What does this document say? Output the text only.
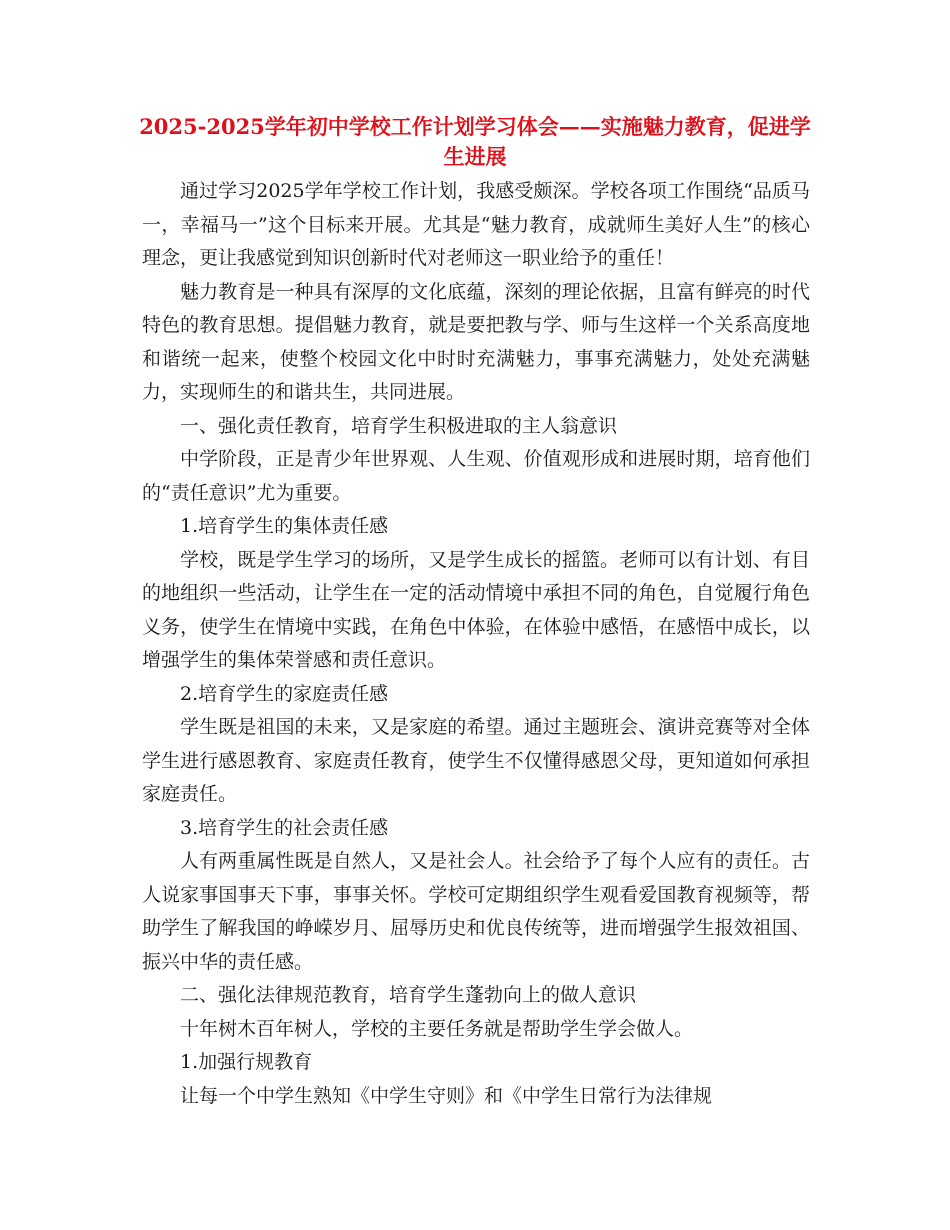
2025-2025学年初中学校工作计划学习体会——实施魅力教育，促进学生进展

通过学习2025学年学校工作计划，我感受颇深。学校各项工作围绕“品质马一，幸福马一”这个目标来开展。尤其是“魅力教育，成就师生美好人生”的核心理念，更让我感觉到知识创新时代对老师这一职业给予的重任！

魅力教育是一种具有深厚的文化底蕴，深刻的理论依据，且富有鲜亮的时代特色的教育思想。提倡魅力教育，就是要把教与学、师与生这样一个关系高度地和谐统一起来，使整个校园文化中时时充满魅力，事事充满魅力，处处充满魅力，实现师生的和谐共生，共同进展。

一、强化责任教育，培育学生积极进取的主人翁意识

中学阶段，正是青少年世界观、人生观、价值观形成和进展时期，培育他们的“责任意识”尤为重要。

1.培育学生的集体责任感

学校，既是学生学习的场所，又是学生成长的摇篮。老师可以有计划、有目的地组织一些活动，让学生在一定的活动情境中承担不同的角色，自觉履行角色义务，使学生在情境中实践，在角色中体验，在体验中感悟，在感悟中成长，以增强学生的集体荣誉感和责任意识。

2.培育学生的家庭责任感

学生既是祖国的未来，又是家庭的希望。通过主题班会、演讲竞赛等对全体学生进行感恩教育、家庭责任教育，使学生不仅懂得感恩父母，更知道如何承担家庭责任。

3.培育学生的社会责任感

人有两重属性既是自然人，又是社会人。社会给予了每个人应有的责任。古人说家事国事天下事，事事关怀。学校可定期组织学生观看爱国教育视频等，帮助学生了解我国的峥嵘岁月、屈辱历史和优良传统等，进而增强学生报效祖国、振兴中华的责任感。

二、强化法律规范教育，培育学生蓬勃向上的做人意识

十年树木百年树人，学校的主要任务就是帮助学生学会做人。

1.加强行规教育

让每一个中学生熟知《中学生守则》和《中学生日常行为法律规
